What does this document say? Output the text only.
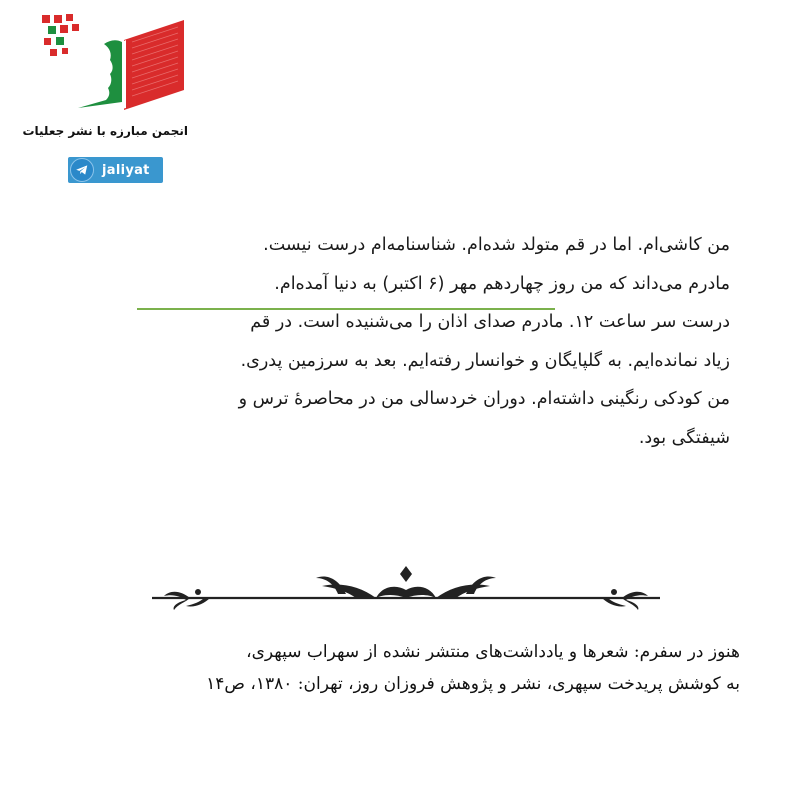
انجمن مبارزه با نشر جعلیات
jaliyat
من کاشی‌ام. اما در قم متولد شده‌ام. شناسنامه‌ام درست نیست.
مادرم می‌داند که من روز چهاردهم مهر (۶ اکتبر) به دنیا آمده‌ام.
درست سر ساعت ۱۲. مادرم صدای اذان را می‌شنیده است. در قم
زیاد نمانده‌ایم. به گلپایگان و خوانسار رفته‌ایم. بعد به سرزمین پدری.
من کودکی رنگینی داشته‌ام. دوران خردسالی من در محاصرهٔ ترس و
شیفتگی بود.
هنوز در سفرم: شعرها و یادداشت‌های منتشر نشده از سهراب سپهری،
به کوشش پریدخت سپهری، نشر و پژوهش فروزان روز، تهران: ۱۳۸۰، ص۱۴
